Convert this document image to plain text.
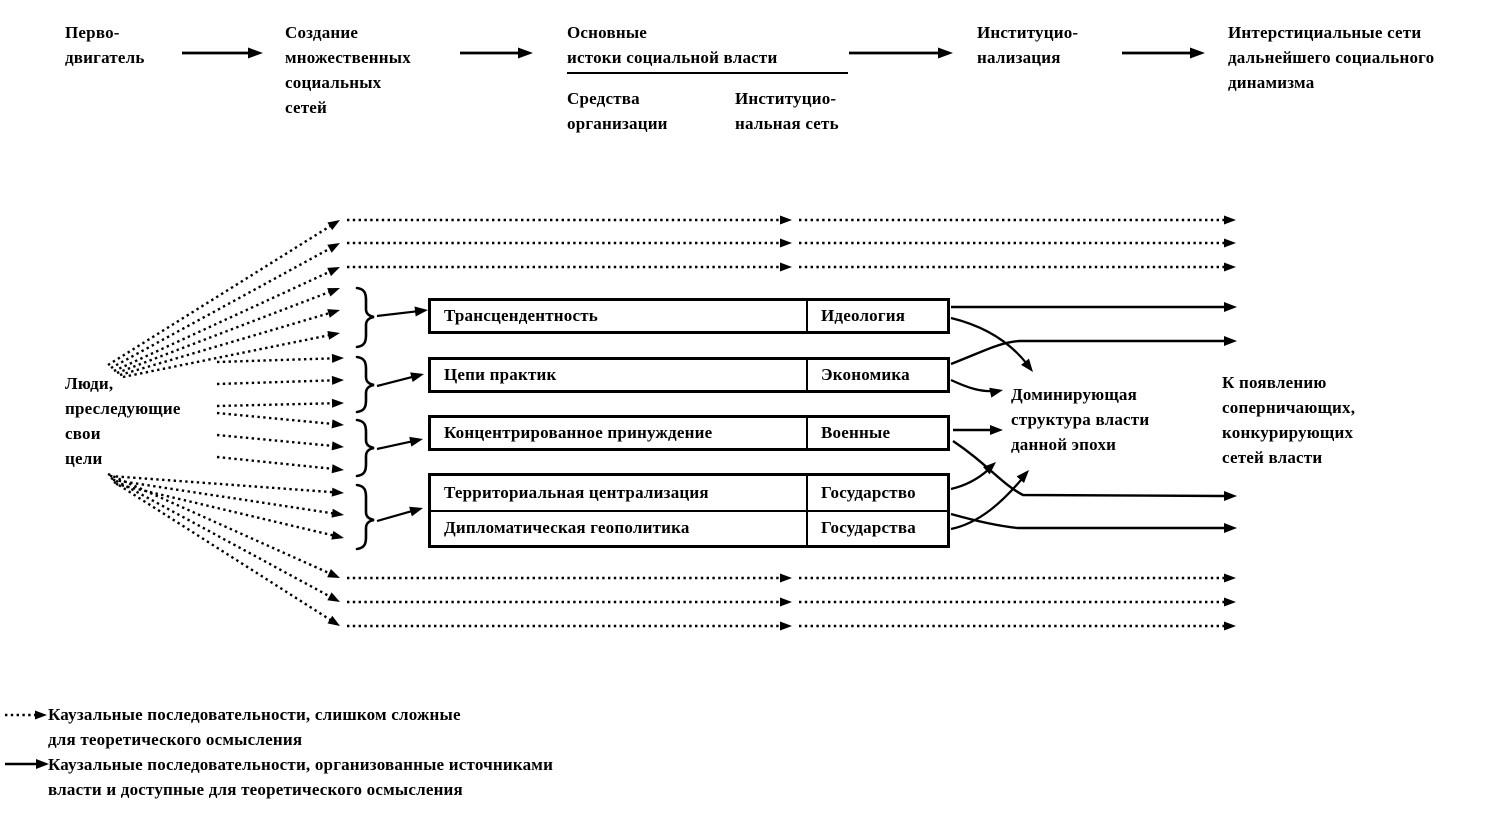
Перво-
двигатель
Создание
множественных
социальных
сетей
Основные
истоки социальной власти
Средства
организации
Институцио-
нальная сеть
Институцио-
нализация
Интерстициальные сети
дальнейшего социального
динамизма
Люди,
преследующие
свои
цели
Трансцендентность	Идеология
Цепи практик	Экономика
Концентрированное принуждение	Военные
Территориальная централизация	Государство
Дипломатическая геополитика	Государства
Доминирующая
структура власти
данной эпохи
К появлению
соперничающих,
конкурирующих
сетей власти
Каузальные последовательности, слишком сложные
для теоретического осмысления
Каузальные последовательности, организованные источниками
власти и доступные для теоретического осмысления
